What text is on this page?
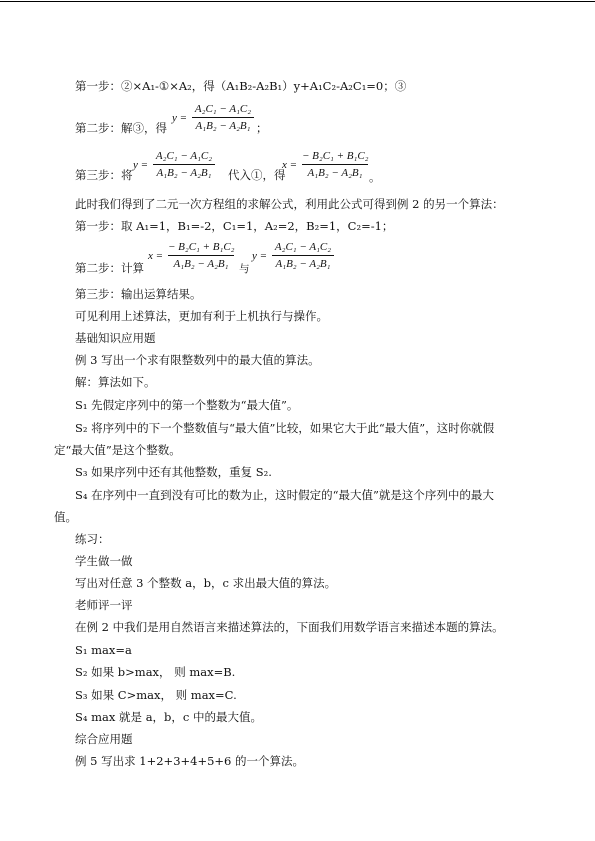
第一步：②×A₁-①×A₂，得（A₁B₂-A₂B₁）y+A₁C₂-A₂C₁=0；③
第二步：解③，得
y =
A₂C₁ − A₁C₂
A₁B₂ − A₂B₁ ；
第三步：将
y =
A₂C₁ − A₁C₂
A₁B₂ − A₂B₁	代入①，得
x =
− B₂C₁ + B₁C₂
A₁B₂ − A₂B₁ 。
此时我们得到了二元一次方程组的求解公式，利用此公式可得到例 2 的另一个算法：
第一步：取 A₁=1，B₁=-2，C₁=1，A₂=2，B₂=1，C₂=-1；
第二步：计算
x =
− B₂C₁ + B₁C₂
A₁B₂ − A₂B₁	与
y =
A₂C₁ − A₁C₂
A₁B₂ − A₂B₁
第三步：输出运算结果。
可见利用上述算法，更加有利于上机执行与操作。
基础知识应用题
例 3 写出一个求有限整数列中的最大值的算法。
解：算法如下。
S₁ 先假定序列中的第一个整数为“最大值”。
S₂ 将序列中的下一个整数值与“最大值”比较，如果它大于此“最大值”，这时你就假
定“最大值”是这个整数。
S₃ 如果序列中还有其他整数，重复 S₂.
S₄ 在序列中一直到没有可比的数为止，这时假定的“最大值”就是这个序列中的最大
值。
练习：
学生做一做
写出对任意 3 个整数 a，b，c 求出最大值的算法。
老师评一评
在例 2 中我们是用自然语言来描述算法的，下面我们用数学语言来描述本题的算法。
S₁ max=a
S₂ 如果 b>max， 则 max=B.
S₃ 如果 C>max， 则 max=C.
S₄ max 就是 a，b，c 中的最大值。
综合应用题
例 5 写出求 1+2+3+4+5+6 的一个算法。
